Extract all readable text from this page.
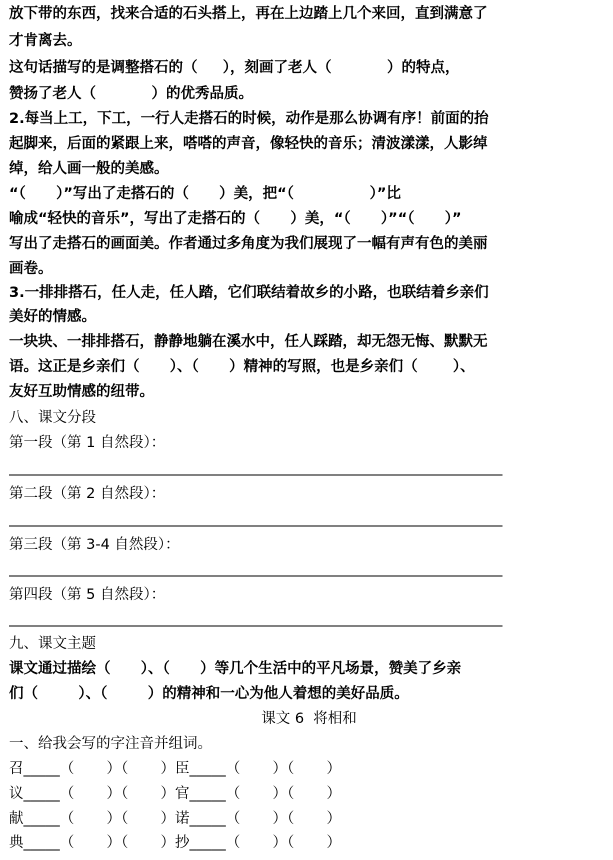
放下带的东西，找来合适的石头搭上，再在上边踏上几个来回，直到满意了
才肯离去。
这句话描写的是调整搭石的（     ），刻画了老人（           ）的特点，
赞扬了老人（           ）的优秀品质。
2.每当上工，下工，一行人走搭石的时候，动作是那么协调有序！前面的抬
起脚来，后面的紧跟上来，嗒嗒的声音，像轻快的音乐；清波漾漾，人影绰
绰，给人画一般的美感。
“（      ）”写出了走搭石的（      ）美，把“（               ）”比
喻成“轻快的音乐”，写出了走搭石的（      ）美，“（      ）”“（      ）”
写出了走搭石的画面美。作者通过多角度为我们展现了一幅有声有色的美丽
画卷。
3.一排排搭石，任人走，任人踏，它们联结着故乡的小路，也联结着乡亲们
美好的情感。
一块块、一排排搭石，静静地躺在溪水中，任人踩踏，却无怨无悔、默默无
语。这正是乡亲们（      ）、（      ）精神的写照，也是乡亲们（       ）、
友好互助情感的纽带。
八、课文分段
第一段（第 1 自然段）：
_____________________________________________________________________________
第二段（第 2 自然段）：
_____________________________________________________________________________
第三段（第 3-4 自然段）：
_____________________________________________________________________________
第四段（第 5 自然段）：
_____________________________________________________________________________
九、课文主题
课文通过描绘（      ）、（      ）等几个生活中的平凡场景，赞美了乡亲
们（        ）、（        ）的精神和一心为他人着想的美好品质。
课文 6  将相和
一、给我会写的字注音并组词。
召_____（       ）（       ）臣_____（       ）（       ）
议_____（       ）（       ）官_____（       ）（       ）
献_____（       ）（       ）诺_____（       ）（       ）
典_____（       ）（       ）抄_____（       ）（       ）
